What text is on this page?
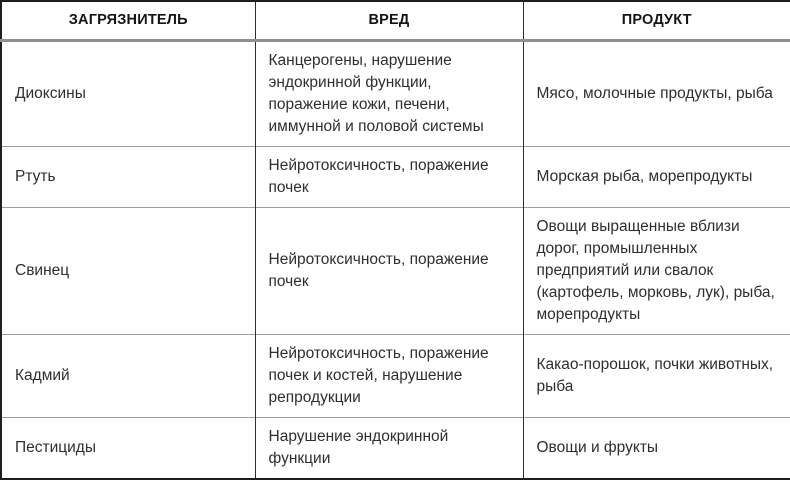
ЗАГРЯЗНИТЕЛЬ	ВРЕД	ПРОДУКТ
Диоксины	Канцерогены, нарушение эндокринной функции, поражение кожи, печени, иммунной и половой системы	Мясо, молочные продукты, рыба
Ртуть	Нейротоксичность, поражение почек	Морская рыба, морепродукты
Свинец	Нейротоксичность, поражение почек	Овощи выращенные вблизи дорог, промышленных предприятий или свалок (картофель, морковь, лук), рыба, морепродукты
Кадмий	Нейротоксичность, поражение почек и костей, нарушение репродукции	Какао-порошок, почки животных, рыба
Пестициды	Нарушение эндокринной функции	Овощи и фрукты
